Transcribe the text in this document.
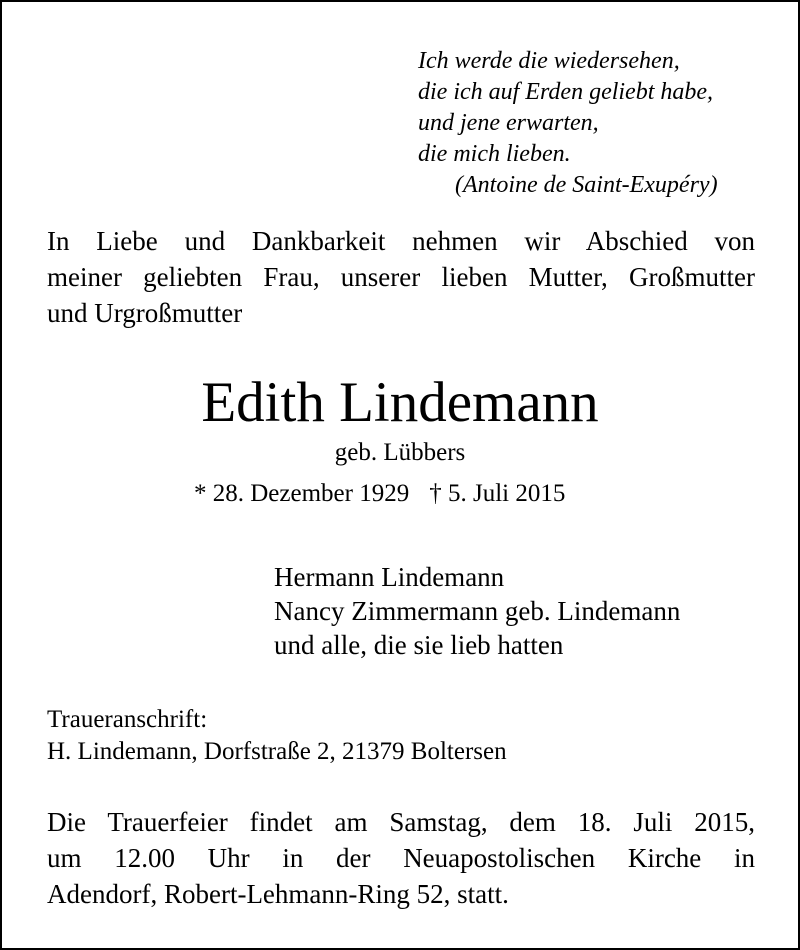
Ich werde die wiedersehen,
die ich auf Erden geliebt habe,
und jene erwarten,
die mich lieben.
(Antoine de Saint-Exupéry)
In Liebe und Dankbarkeit nehmen wir Abschied von
meiner geliebten Frau, unserer lieben Mutter, Großmutter
und Urgroßmutter
Edith Lindemann
geb. Lübbers
* 28. Dezember 1929 † 5. Juli 2015
Hermann Lindemann
Nancy Zimmermann geb. Lindemann
und alle, die sie lieb hatten
Traueranschrift:
H. Lindemann, Dorfstraße 2, 21379 Boltersen
Die Trauerfeier findet am Samstag, dem 18. Juli 2015,
um 12.00 Uhr in der Neuapostolischen Kirche in
Adendorf, Robert-Lehmann-Ring 52, statt.
